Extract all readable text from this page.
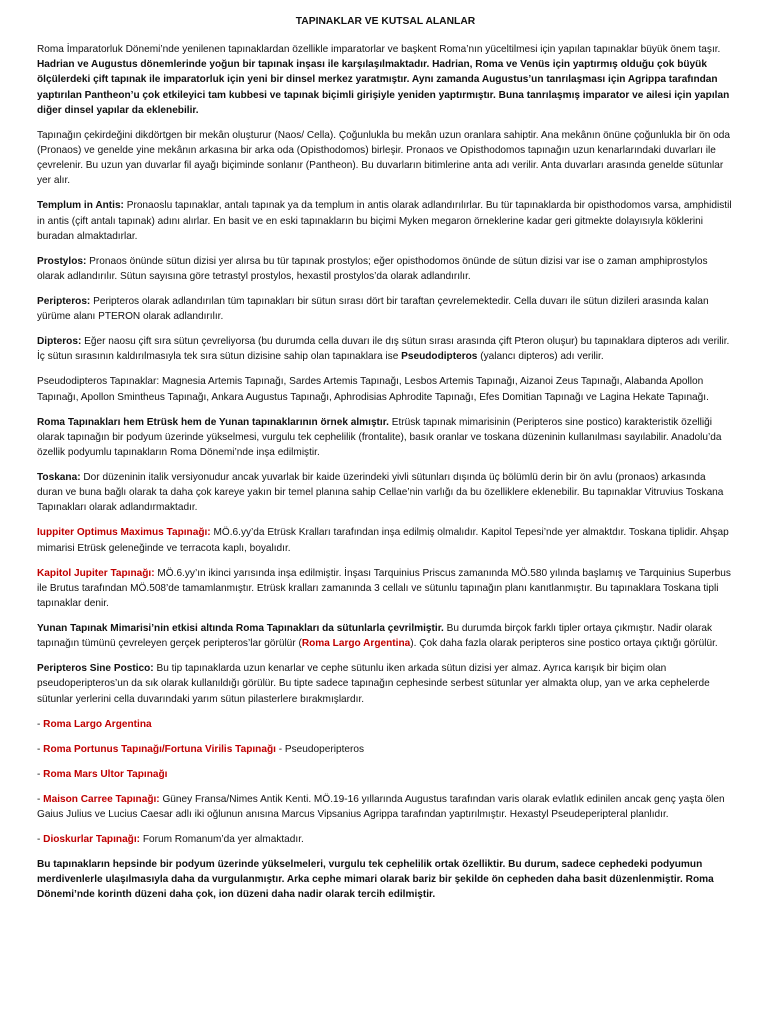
TAPINAKLAR VE KUTSAL ALANLAR

Roma İmparatorluk Dönemi’nde yenilenen tapınaklardan özellikle imparatorlar ve başkent Roma’nın yüceltilmesi için yapılan tapınaklar büyük önem taşır. Hadrian ve Augustus dönemlerinde yoğun bir tapınak inşası ile karşılaşılmaktadır. Hadrian, Roma ve Venüs için yaptırmış olduğu çok büyük ölçülerdeki çift tapınak ile imparatorluk için yeni bir dinsel merkez yaratmıştır. Aynı zamanda Augustus’un tanrılaşması için Agrippa tarafından yaptırılan Pantheon’u çok etkileyici tam kubbesi ve tapınak biçimli girişiyle yeniden yaptırmıştır. Buna tanrılaşmış imparator ve ailesi için yapılan diğer dinsel yapılar da eklenebilir.

Tapınağın çekirdeğini dikdörtgen bir mekân oluşturur (Naos/ Cella). Çoğunlukla bu mekân uzun oranlara sahiptir. Ana mekânın önüne çoğunlukla bir ön oda (Pronaos) ve genelde yine mekânın arkasına bir arka oda (Opisthodomos) birleşir. Pronaos ve Opisthodomos tapınağın uzun kenarlarındaki duvarları ile çevrelenir. Bu uzun yan duvarlar fil ayağı biçiminde sonlanır (Pantheon). Bu duvarların bitimlerine anta adı verilir. Anta duvarları arasında genelde sütunlar yer alır.

Templum in Antis: Pronaoslu tapınaklar, antalı tapınak ya da templum in antis olarak adlandırılırlar. Bu tür tapınaklarda bir opisthodomos varsa, amphidistil in antis (çift antalı tapınak) adını alırlar. En basit ve en eski tapınakların bu biçimi Myken megaron örneklerine kadar geri gitmekte dolayısıyla köklerini buradan almaktadırlar.

Prostylos: Pronaos önünde sütun dizisi yer alırsa bu tür tapınak prostylos; eğer opisthodomos önünde de sütun dizisi var ise o zaman amphiprostylos olarak adlandırılır. Sütun sayısına göre tetrastyl prostylos, hexastil prostylos’da olarak adlandırılır.

Peripteros: Peripteros olarak adlandırılan tüm tapınakları bir sütun sırası dört bir taraftan çevrelemektedir. Cella duvarı ile sütun dizileri arasında kalan yürüme alanı PTERON olarak adlandırılır.

Dipteros: Eğer naosu çift sıra sütun çevreliyorsa (bu durumda cella duvarı ile dış sütun sırası arasında çift Pteron oluşur) bu tapınaklara dipteros adı verilir. İç sütun sırasının kaldırılmasıyla tek sıra sütun dizisine sahip olan tapınaklara ise Pseudodipteros (yalancı dipteros) adı verilir.

Pseudodipteros Tapınaklar: Magnesia Artemis Tapınağı, Sardes Artemis Tapınağı, Lesbos Artemis Tapınağı, Aizanoi Zeus Tapınağı, Alabanda Apollon Tapınağı, Apollon Smintheus Tapınağı, Ankara Augustus Tapınağı, Aphrodisias Aphrodite Tapınağı, Efes Domitian Tapınağı ve Lagina Hekate Tapınağı.

Roma Tapınakları hem Etrüsk hem de Yunan tapınaklarının örnek almıştır. Etrüsk tapınak mimarisinin (Peripteros sine postico) karakteristik özelliği olarak tapınağın bir podyum üzerinde yükselmesi, vurgulu tek cephelilik (frontalite), basık oranlar ve toskana düzeninin kullanılması sayılabilir. Anadolu’da özellik podyumlu tapınakların Roma Dönemi’nde inşa edilmiştir.

Toskana: Dor düzeninin italik versiyonudur ancak yuvarlak bir kaide üzerindeki yivli sütunları dışında üç bölümlü derin bir ön avlu (pronaos) arkasında duran ve buna bağlı olarak ta daha çok kareye yakın bir temel planına sahip Cellae’nin varlığı da bu özelliklere eklenebilir. Bu tapınaklar Vitruvius Toskana Tapınakları olarak adlandırmaktadır.

Iuppiter Optimus Maximus Tapınağı: MÖ.6.yy’da Etrüsk Kralları tarafından inşa edilmiş olmalıdır. Kapitol Tepesi’nde yer almaktdır. Toskana tiplidir. Ahşap mimarisi Etrüsk geleneğinde ve terracota kaplı, boyalıdır.

Kapitol Jupiter Tapınağı: MÖ.6.yy’ın ikinci yarısında inşa edilmiştir. İnşası Tarquinius Priscus zamanında MÖ.580 yılında başlamış ve Tarquinius Superbus ile Brutus tarafından MÖ.508’de tamamlanmıştır. Etrüsk kralları zamanında 3 cellalı ve sütunlu tapınağın planı kanıtlanmıştır. Bu tapınaklara Toskana tipli tapınaklar denir.

Yunan Tapınak Mimarisi’nin etkisi altında Roma Tapınakları da sütunlarla çevrilmiştir. Bu durumda birçok farklı tipler ortaya çıkmıştır. Nadir olarak tapınağın tümünü çevreleyen gerçek peripteros’lar görülür (Roma Largo Argentina). Çok daha fazla olarak peripteros sine postico ortaya çıktığı görülür.

Peripteros Sine Postico: Bu tip tapınaklarda uzun kenarlar ve cephe sütunlu iken arkada sütun dizisi yer almaz. Ayrıca karışık bir biçim olan pseudoperipteros’un da sık olarak kullanıldığı görülür. Bu tipte sadece tapınağın cephesinde serbest sütunlar yer almakta olup, yan ve arka cephelerde sütunlar yerlerini cella duvarındaki yarım sütun pilasterlere bırakmışlardır.

- Roma Largo Argentina

- Roma Portunus Tapınağı/Fortuna Virilis Tapınağı - Pseudoperipteros

- Roma Mars Ultor Tapınağı

- Maison Carree Tapınağı: Güney Fransa/Nimes Antik Kenti. MÖ.19-16 yıllarında Augustus tarafından varis olarak evlatlık edinilen ancak genç yaşta ölen Gaius Julius ve Lucius Caesar adlı iki oğlunun anısına Marcus Vipsanius Agrippa tarafından yaptırılmıştır. Hexastyl Pseudeperipteral planlıdır.

- Dioskurlar Tapınağı: Forum Romanum’da yer almaktadır.

Bu tapınakların hepsinde bir podyum üzerinde yükselmeleri, vurgulu tek cephelilik ortak özelliktir. Bu durum, sadece cephedeki podyumun merdivenlerle ulaşılmasıyla daha da vurgulanmıştır. Arka cephe mimari olarak bariz bir şekilde ön cepheden daha basit düzenlenmiştir. Roma Dönemi’nde korinth düzeni daha çok, ion düzeni daha nadir olarak tercih edilmiştir.
